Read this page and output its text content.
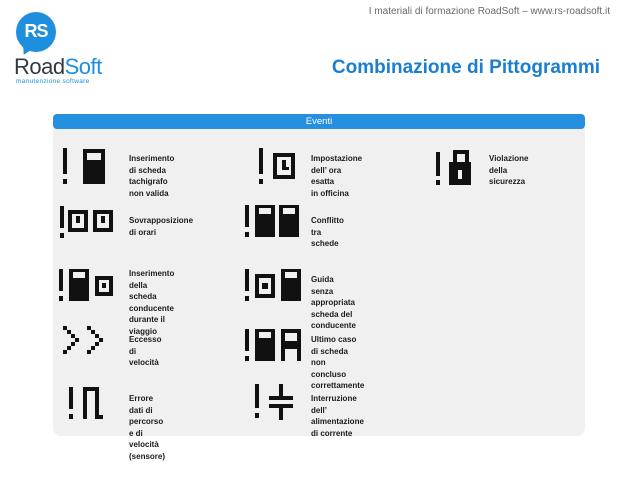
I materiali di formazione RoadSoft – www.rs-roadsoft.it
RS
RoadSoft
manutenzione software
Combinazione di Pittogrammi
Eventi
Inserimento di scheda
tachigrafo non valida
Impostazione dell’ ora esatta
in officina
Violazione
della
sicurezza
Sovrapposizione di orari
Conflitto tra schede
Inserimento della scheda
conducente durante il
viaggio
Guida senza appropriata
scheda del conducente
Eccesso di velocità
Ultimo caso di scheda non
concluso correttamente
Errore dati di percorso e di
velocità (sensore)
Interruzione dell’
alimentazione di corrente
